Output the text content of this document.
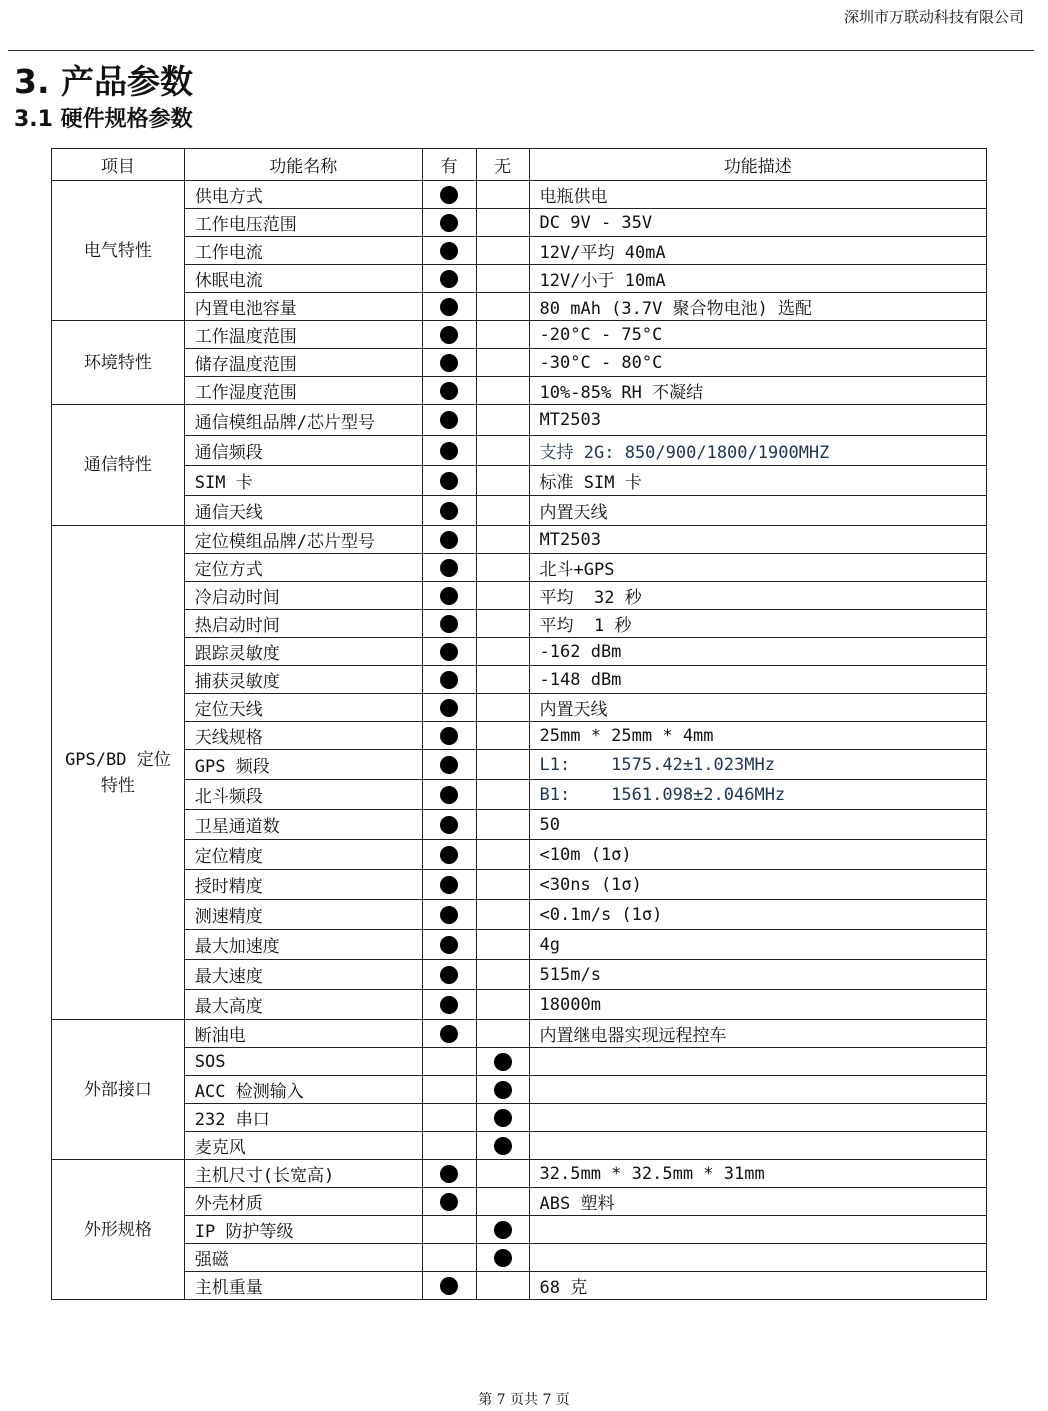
深圳市万联动科技有限公司
3. 产品参数
3.1 硬件规格参数
项目	功能名称	有	无	功能描述
电气特性	供电方式			电瓶供电
	工作电压范围			DC 9V - 35V
	工作电流			12V/平均 40mA
	休眠电流			12V/小于 10mA
	内置电池容量			80 mAh (3.7V 聚合物电池) 选配
环境特性	工作温度范围			-20°C - 75°C
	储存温度范围			-30°C - 80°C
	工作湿度范围			10%-85% RH 不凝结
通信特性	通信模组品牌/芯片型号			MT2503
	通信频段			支持 2G: 850/900/1800/1900MHZ
	SIM 卡			标准 SIM 卡
	通信天线			内置天线
GPS/BD 定位特性	定位模组品牌/芯片型号			MT2503
	定位方式			北斗+GPS
	冷启动时间			平均  32 秒
	热启动时间			平均  1 秒
	跟踪灵敏度			-162 dBm
	捕获灵敏度			-148 dBm
	定位天线			内置天线
	天线规格			25mm * 25mm * 4mm
	GPS 频段			L1:    1575.42±1.023MHz
	北斗频段			B1:    1561.098±2.046MHz
	卫星通道数			50
	定位精度			<10m (1σ)
	授时精度			<30ns (1σ)
	测速精度			<0.1m/s (1σ)
	最大加速度			4g
	最大速度			515m/s
	最大高度			18000m
外部接口	断油电			内置继电器实现远程控车
	SOS			
	ACC 检测输入			
	232 串口			
	麦克风			
外形规格	主机尺寸(长宽高)			32.5mm * 32.5mm * 31mm
	外壳材质			ABS 塑料
	IP 防护等级			
	强磁			
	主机重量			68 克
第 7 页共 7 页
